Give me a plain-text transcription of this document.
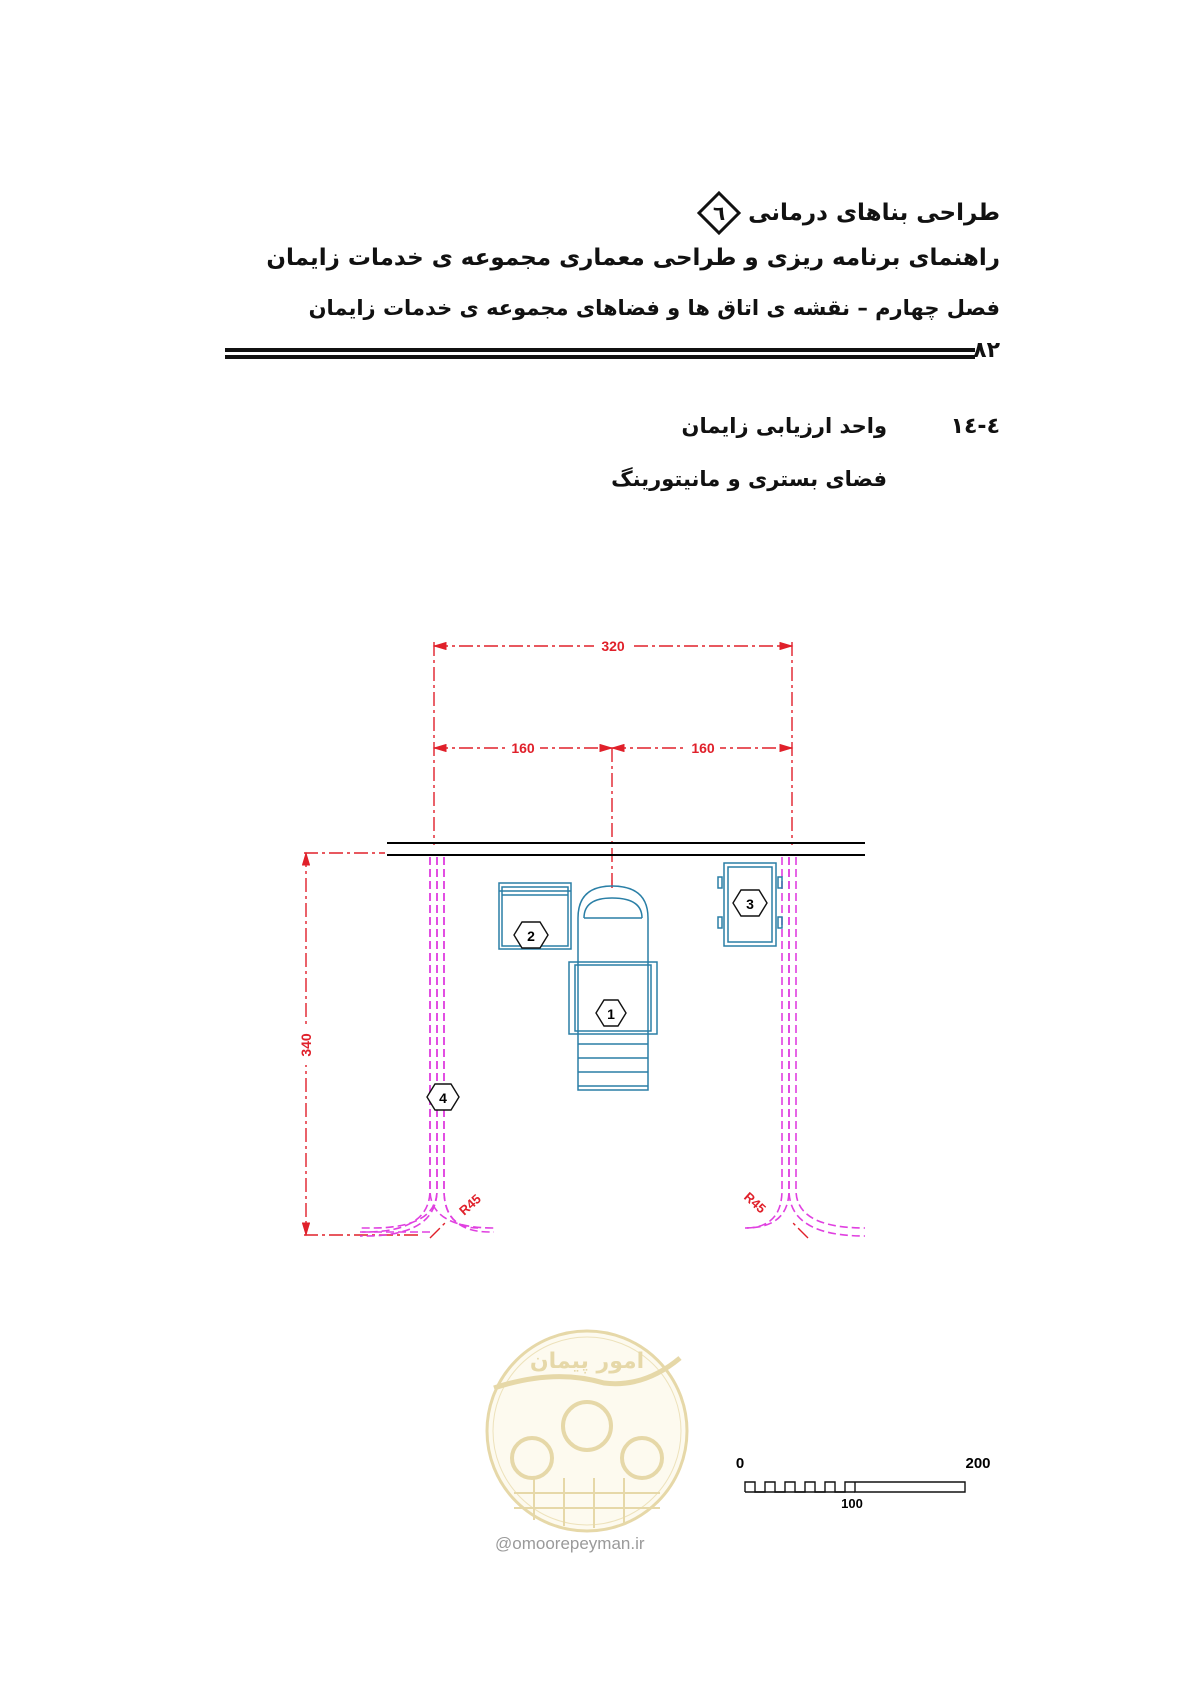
طراحی بناهای درمانی
٦
راهنمای برنامه ریزی و طراحی معماری مجموعه ی خدمات زایمان
فصل چهارم – نقشه ی اتاق ها و فضاهای مجموعه ی خدمات زایمان
۸۲
٤-١٤
واحد ارزیابی زایمان
فضای بستری و مانیتورینگ
320
160	160
340
R45	R45
1
2
3
4
امور پیمان
@omoorepeyman.ir
0	200
100
